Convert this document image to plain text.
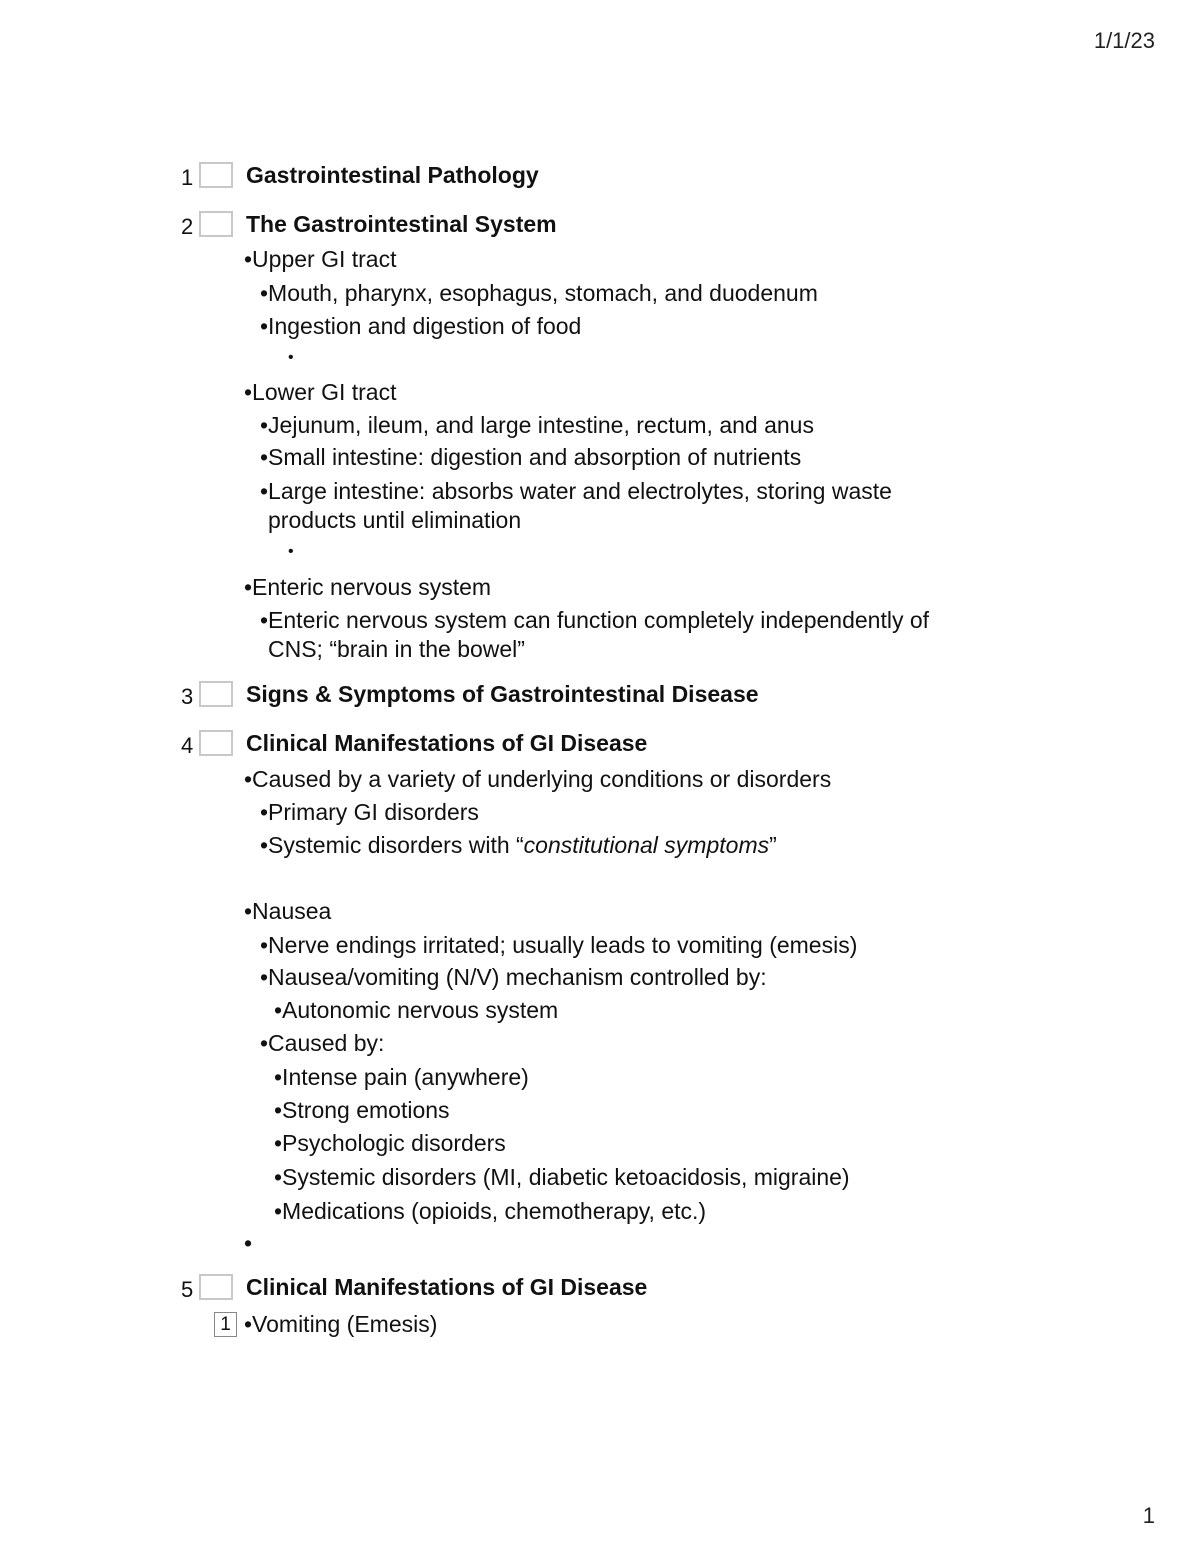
1/1/23
1 Gastrointestinal Pathology
2 The Gastrointestinal System
•Upper GI tract
•Mouth, pharynx, esophagus, stomach, and duodenum
•Ingestion and digestion of food
•
•Lower GI tract
•Jejunum, ileum, and large intestine, rectum, and anus
•Small intestine: digestion and absorption of nutrients
•Large intestine: absorbs water and electrolytes, storing waste
products until elimination
•
•Enteric nervous system
•Enteric nervous system can function completely independently of
CNS; “brain in the bowel”
3 Signs & Symptoms of Gastrointestinal Disease
4 Clinical Manifestations of GI Disease
•Caused by a variety of underlying conditions or disorders
•Primary GI disorders
•Systemic disorders with “constitutional symptoms”
•Nausea
•Nerve endings irritated; usually leads to vomiting (emesis)
•Nausea/vomiting (N/V) mechanism controlled by:
•Autonomic nervous system
•Caused by:
•Intense pain (anywhere)
•Strong emotions
•Psychologic disorders
•Systemic disorders (MI, diabetic ketoacidosis, migraine)
•Medications (opioids, chemotherapy, etc.)
•
5 Clinical Manifestations of GI Disease
1 •Vomiting (Emesis)
1
